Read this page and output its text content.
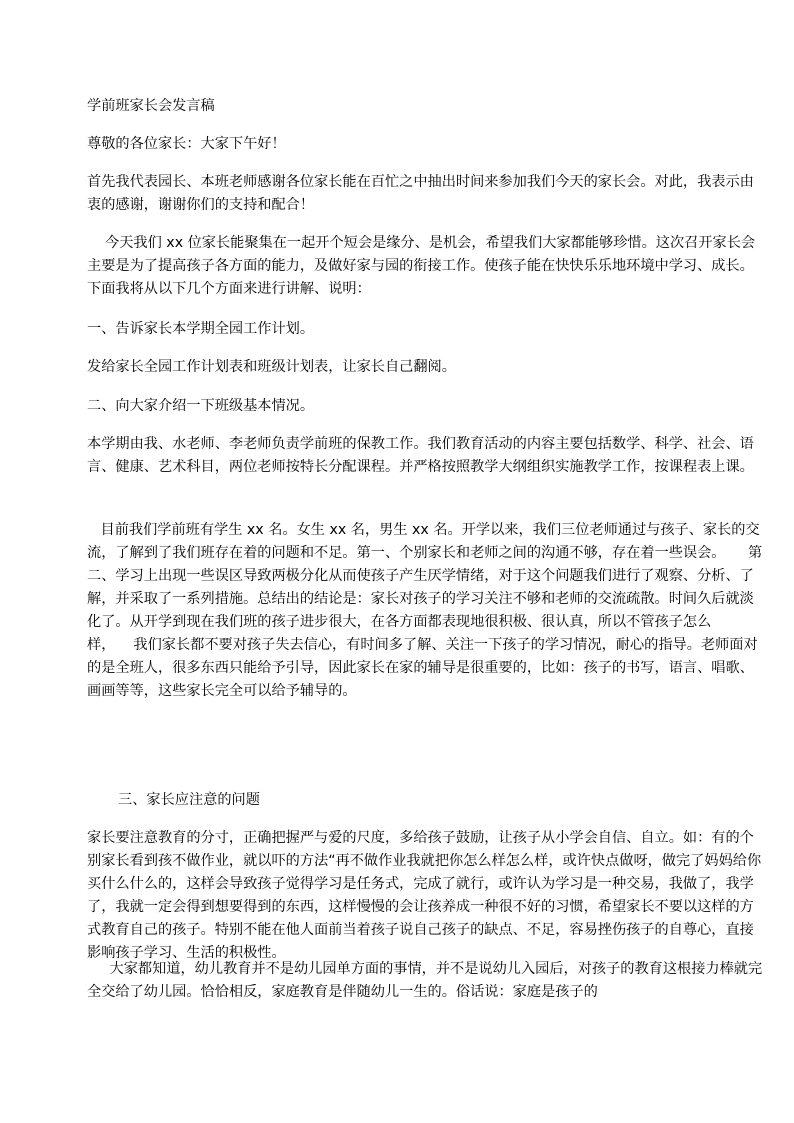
学前班家长会发言稿

尊敬的各位家长：大家下午好！

首先我代表园长、本班老师感谢各位家长能在百忙之中抽出时间来参加我们今天的家长会。对此，我表示由衷的感谢，谢谢你们的支持和配合！

今天我们 xx 位家长能聚集在一起开个短会是缘分、是机会，希望我们大家都能够珍惜。这次召开家长会主要是为了提高孩子各方面的能力，及做好家与园的衔接工作。使孩子能在快快乐乐地环境中学习、成长。下面我将从以下几个方面来进行讲解、说明：

一、告诉家长本学期全园工作计划。

发给家长全园工作计划表和班级计划表，让家长自己翻阅。

二、向大家介绍一下班级基本情况。

本学期由我、水老师、李老师负责学前班的保教工作。我们教育活动的内容主要包括数学、科学、社会、语言、健康、艺术科目，两位老师按特长分配课程。并严格按照教学大纲组织实施教学工作，按课程表上课。

目前我们学前班有学生 xx 名。女生 xx 名，男生 xx 名。开学以来，我们三位老师通过与孩子、家长的交流，了解到了我们班存在着的问题和不足。第一、个别家长和老师之间的沟通不够，存在着一些误会。     第二、学习上出现一些误区导致两极分化从而使孩子产生厌学情绪，对于这个问题我们进行了观察、分析、了解，并采取了一系列措施。总结出的结论是：家长对孩子的学习关注不够和老师的交流疏散。时间久后就淡化了。从开学到现在我们班的孩子进步很大，在各方面都表现地很积极、很认真，所以不管孩子怎么样，    我们家长都不要对孩子失去信心，有时间多了解、关注一下孩子的学习情况，耐心的指导。老师面对的是全班人，很多东西只能给予引导，因此家长在家的辅导是很重要的，比如：孩子的书写，语言、唱歌、画画等等，这些家长完全可以给予辅导的。

三、家长应注意的问题

家长要注意教育的分寸，正确把握严与爱的尺度，多给孩子鼓励，让孩子从小学会自信、自立。如：有的个别家长看到孩不做作业，就以吓的方法“再不做作业我就把你怎么样怎么样，或许快点做呀，做完了妈妈给你买什么什么的，这样会导致孩子觉得学习是任务式，完成了就行，或许认为学习是一种交易，我做了，我学了，我就一定会得到想要得到的东西，这样慢慢的会让孩养成一种很不好的习惯，希望家长不要以这样的方式教育自己的孩子。特别不能在他人面前当着孩子说自己孩子的缺点、不足，容易挫伤孩子的自尊心，直接影响孩子学习、生活的积极性。

大家都知道，幼儿教育并不是幼儿园单方面的事情，并不是说幼儿入园后，对孩子的教育这根接力棒就完全交给了幼儿园。恰恰相反，家庭教育是伴随幼儿一生的。俗话说：家庭是孩子的
